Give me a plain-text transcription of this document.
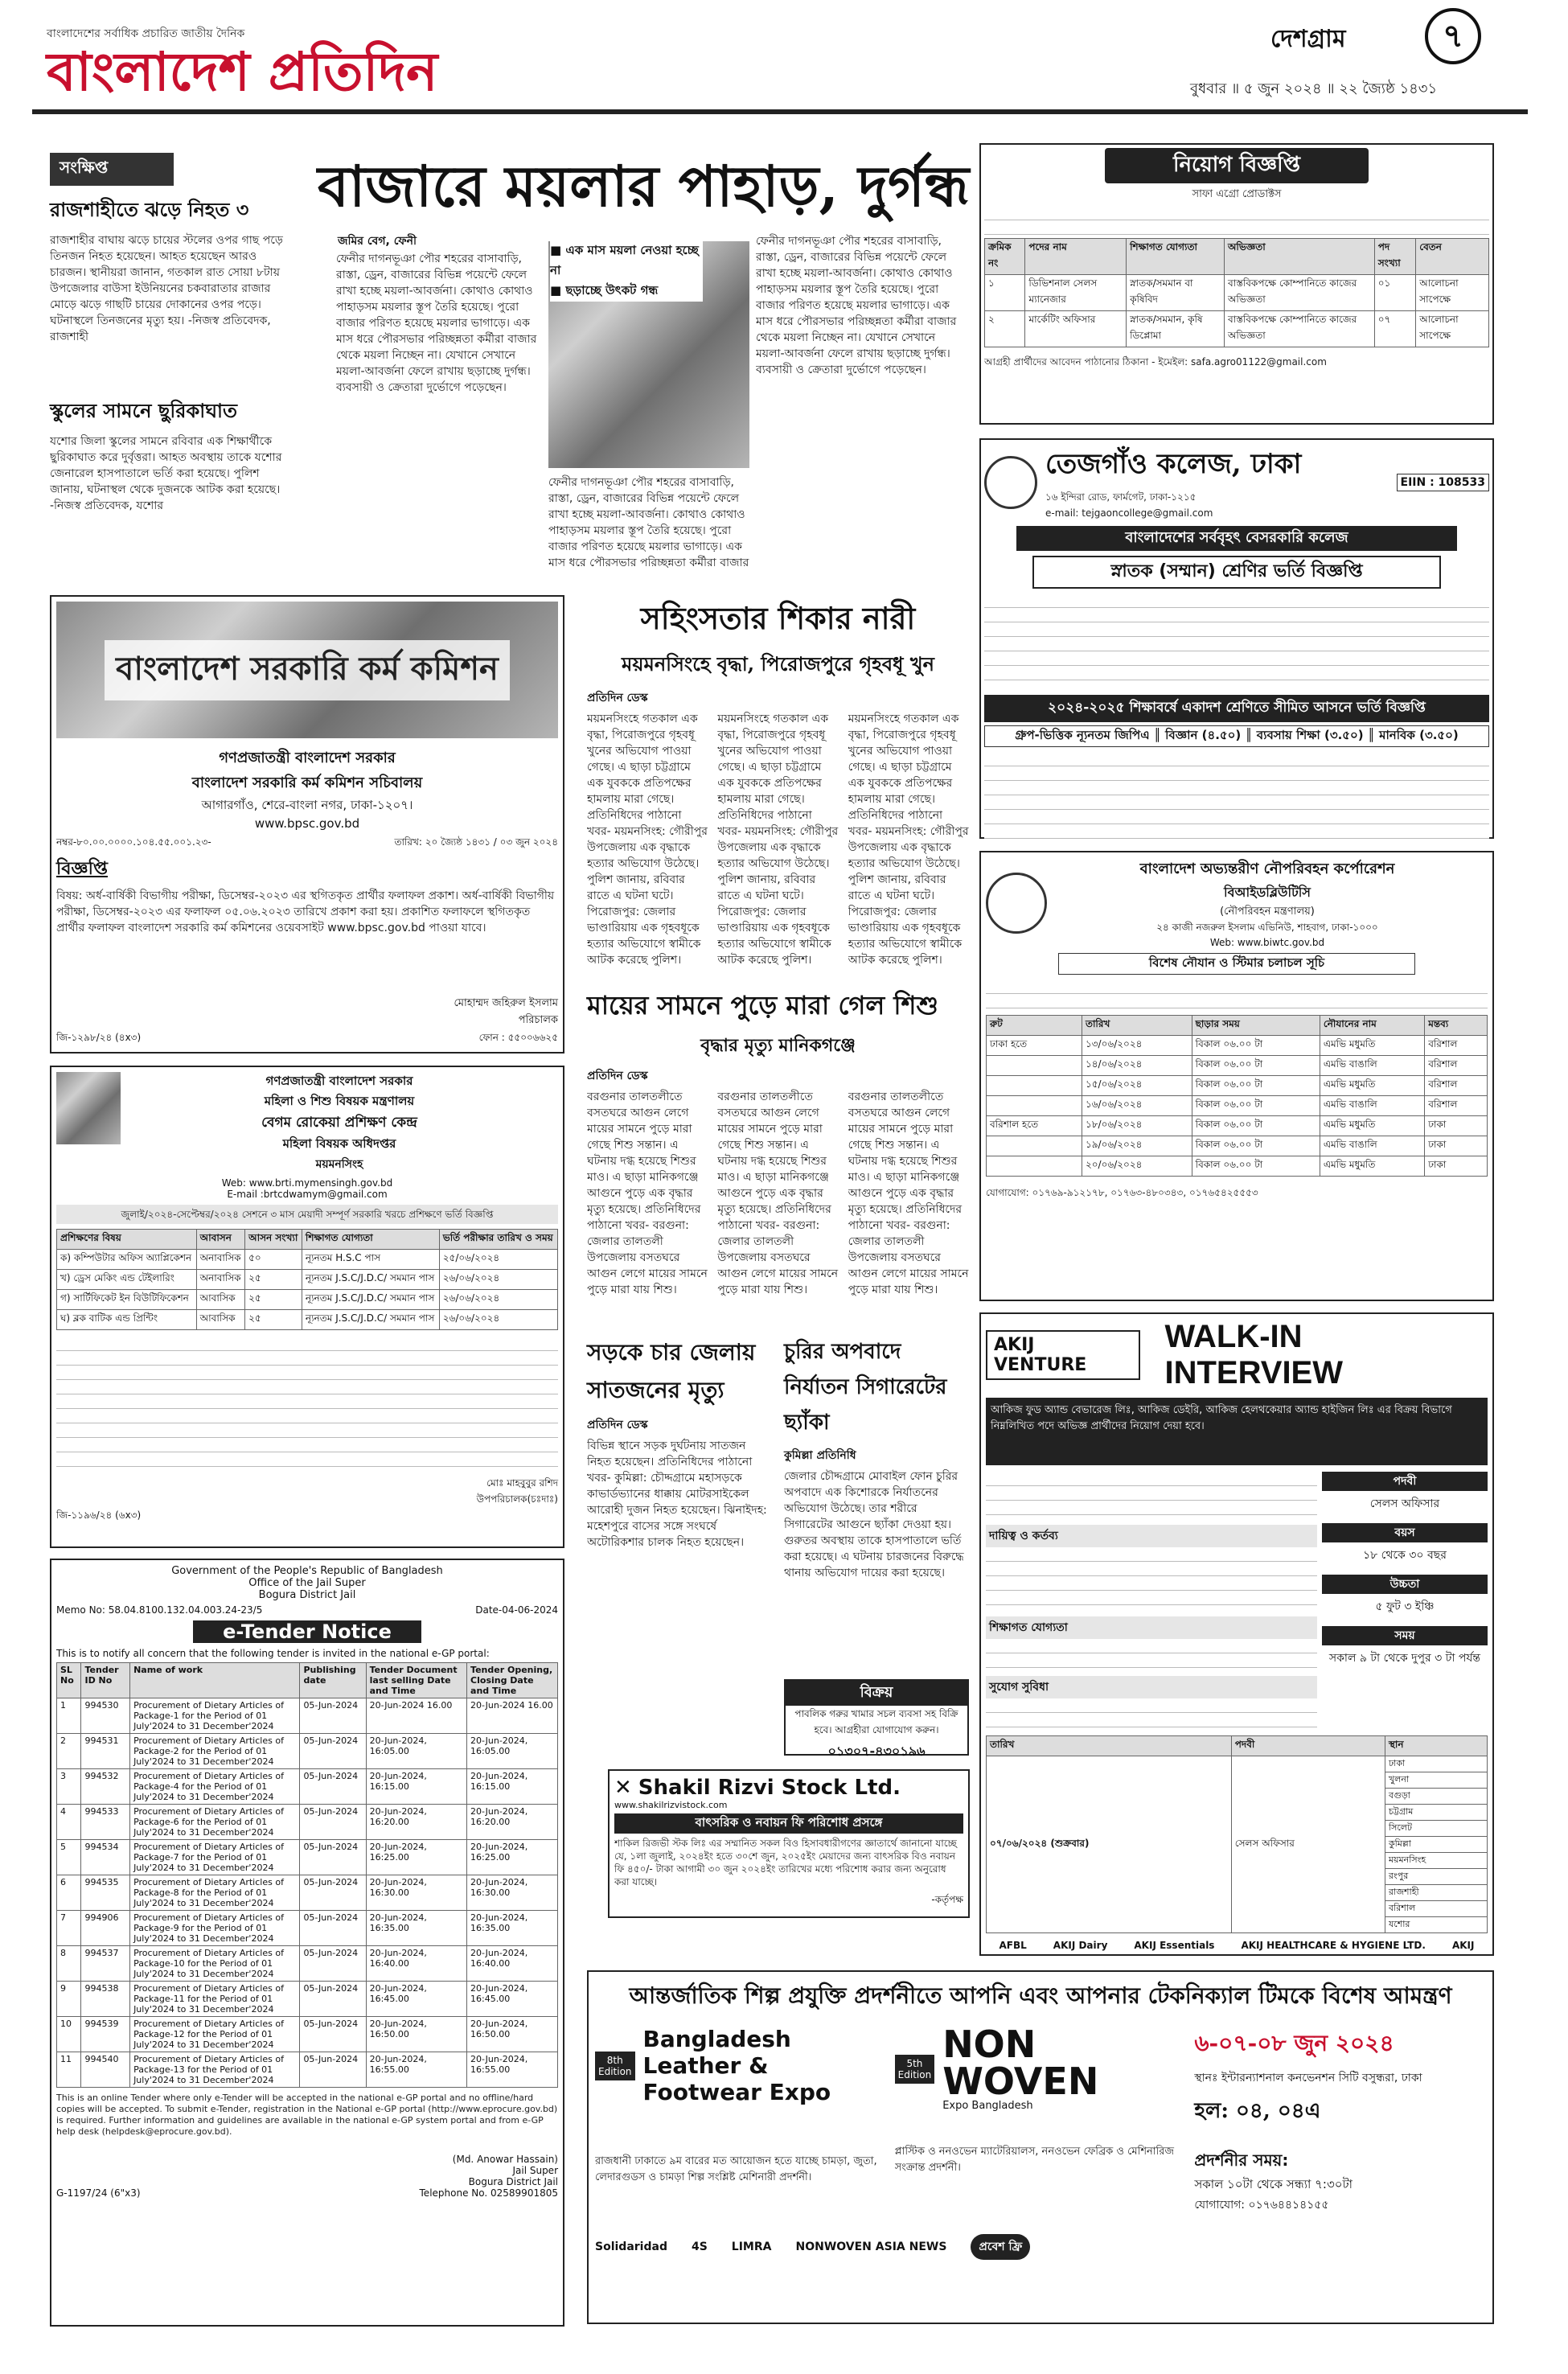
বাংলাদেশের সর্বাধিক প্রচারিত জাতীয় দৈনিক
বাংলাদেশ প্রতিদিন
দেশগ্রাম	৭
বুধবার ॥ ৫ জুন ২০২৪ ॥ ২২ জ্যৈষ্ঠ ১৪৩১
সংক্ষিপ্ত
রাজশাহীতে ঝড়ে নিহত ৩
রাজশাহীর বাঘায় ঝড়ে চায়ের স্টলের ওপর গাছ পড়ে তিনজন নিহত হয়েছেন। আহত হয়েছেন আরও চারজন। স্থানীয়রা জানান, গতকাল রাত সোয়া ৮টায় উপজেলার বাউসা ইউনিয়নের চকবারাতার রাজার মোড়ে ঝড়ে গাছটি চায়ের দোকানের ওপর পড়ে। ঘটনাস্থলে তিনজনের মৃত্যু হয়। -নিজস্ব প্রতিবেদক, রাজশাহী
স্কুলের সামনে ছুরিকাঘাত
যশোর জিলা স্কুলের সামনে রবিবার এক শিক্ষার্থীকে ছুরিকাঘাত করে দুর্বৃত্তরা। আহত অবস্থায় তাকে যশোর জেনারেল হাসপাতালে ভর্তি করা হয়েছে। পুলিশ জানায়, ঘটনাস্থল থেকে দুজনকে আটক করা হয়েছে। -নিজস্ব প্রতিবেদক, যশোর
বাজারে ময়লার পাহাড়, দুর্গন্ধ
জমির বেগ, ফেনী
ফেনীর দাগনভূঞা পৌর শহরের বাসাবাড়ি, রাস্তা, ড্রেন, বাজারের বিভিন্ন পয়েন্টে ফেলে রাখা হচ্ছে ময়লা-আবর্জনা। কোথাও কোথাও পাহাড়সম ময়লার স্তূপ তৈরি হয়েছে। পুরো বাজার পরিণত হয়েছে ময়লার ভাগাড়ে। এক মাস ধরে পৌরসভার পরিচ্ছন্নতা কর্মীরা বাজার থেকে ময়লা নিচ্ছেন না। যেখানে সেখানে ময়লা-আবর্জনা ফেলে রাখায় ছড়াচ্ছে দুর্গন্ধ। ব্যবসায়ী ও ক্রেতারা দুর্ভোগে পড়েছেন।
■ এক মাস ময়লা নেওয়া হচ্ছে না
■ ছড়াচ্ছে উৎকট গন্ধ
ফেনীর দাগনভূঞা পৌর শহরের বাসাবাড়ি, রাস্তা, ড্রেন, বাজারের বিভিন্ন পয়েন্টে ফেলে রাখা হচ্ছে ময়লা-আবর্জনা। কোথাও কোথাও পাহাড়সম ময়লার স্তূপ তৈরি হয়েছে। পুরো বাজার পরিণত হয়েছে ময়লার ভাগাড়ে। এক মাস ধরে পৌরসভার পরিচ্ছন্নতা কর্মীরা বাজার
ফেনীর দাগনভূঞা পৌর শহরের বাসাবাড়ি, রাস্তা, ড্রেন, বাজারের বিভিন্ন পয়েন্টে ফেলে রাখা হচ্ছে ময়লা-আবর্জনা। কোথাও কোথাও পাহাড়সম ময়লার স্তূপ তৈরি হয়েছে। পুরো বাজার পরিণত হয়েছে ময়লার ভাগাড়ে। এক মাস ধরে পৌরসভার পরিচ্ছন্নতা কর্মীরা বাজার থেকে ময়লা নিচ্ছেন না। যেখানে সেখানে ময়লা-আবর্জনা ফেলে রাখায় ছড়াচ্ছে দুর্গন্ধ। ব্যবসায়ী ও ক্রেতারা দুর্ভোগে পড়েছেন।
নিয়োগ বিজ্ঞপ্তি
সাফা এগ্রো প্রোডাক্টস
ক্রমিক নং	পদের নাম	শিক্ষাগত যোগ্যতা	অভিজ্ঞতা	পদ সংখ্যা	বেতন
১	ডিভিশনাল সেলস ম্যানেজার	স্নাতক/সমমান বা কৃষিবিদ	বাস্তবিকপক্ষে কোম্পানিতে কাজের অভিজ্ঞতা	০১	আলোচনা সাপেক্ষে
২	মার্কেটিং অফিসার	স্নাতক/সমমান, কৃষি ডিপ্লোমা	বাস্তবিকপক্ষে কোম্পানিতে কাজের অভিজ্ঞতা	০৭	আলোচনা সাপেক্ষে
আগ্রহী প্রার্থীদের আবেদন পাঠানোর ঠিকানা - ইমেইল: safa.agro01122@gmail.com
তেজগাঁও কলেজ, ঢাকা
১৬ ইন্দিরা রোড, ফার্মগেট, ঢাকা-১২১৫
e-mail: tejgaoncollege@gmail.com
EIIN : 108533
বাংলাদেশের সর্ববৃহৎ বেসরকারি কলেজ
স্নাতক (সম্মান) শ্রেণির ভর্তি বিজ্ঞপ্তি
২০২৪-২০২৫ শিক্ষাবর্ষে একাদশ শ্রেণিতে সীমিত আসনে ভর্তি বিজ্ঞপ্তি
গ্রুপ-ভিত্তিক ন্যূনতম জিপিএ ║ বিজ্ঞান (৪.৫০) ║ ব্যবসায় শিক্ষা (৩.৫০) ║ মানবিক (৩.৫০)
বাংলাদেশ সরকারি কর্ম কমিশন
গণপ্রজাতন্ত্রী বাংলাদেশ সরকার
বাংলাদেশ সরকারি কর্ম কমিশন সচিবালয়
আগারগাঁও, শেরে-বাংলা নগর, ঢাকা-১২০৭।
www.bpsc.gov.bd
নম্বর-৮০.০০.০০০০.১০৪.৫৫.০০১.২৩-	তারিখ: ২০ জ্যৈষ্ঠ ১৪৩১ / ০৩ জুন ২০২৪
বিজ্ঞপ্তি
বিষয়: অর্ধ-বার্ষিকী বিভাগীয় পরীক্ষা, ডিসেম্বর-২০২৩ এর স্থগিতকৃত প্রার্থীর ফলাফল প্রকাশ। অর্ধ-বার্ষিকী বিভাগীয় পরীক্ষা, ডিসেম্বর-২০২৩ এর ফলাফল ০৫.০৬.২০২৩ তারিখে প্রকাশ করা হয়। প্রকাশিত ফলাফলে স্থগিতকৃত প্রার্থীর ফলাফল বাংলাদেশ সরকারি কর্ম কমিশনের ওয়েবসাইট www.bpsc.gov.bd পাওয়া যাবে।
মোহাম্মদ জহিরুল ইসলাম
পরিচালক
জি-১২৯৮/২৪ (৪x৩)	ফোন : ৫৫০০৬৬২৫
সহিংসতার শিকার নারী
ময়মনসিংহে বৃদ্ধা, পিরোজপুরে গৃহবধূ খুন
প্রতিদিন ডেস্ক
ময়মনসিংহে গতকাল এক বৃদ্ধা, পিরোজপুরে গৃহবধূ খুনের অভিযোগ পাওয়া গেছে। এ ছাড়া চট্টগ্রামে এক যুবককে প্রতিপক্ষের হামলায় মারা গেছে। প্রতিনিধিদের পাঠানো খবর- ময়মনসিংহ: গৌরীপুর উপজেলায় এক বৃদ্ধাকে হত্যার অভিযোগ উঠেছে। পুলিশ জানায়, রবিবার রাতে এ ঘটনা ঘটে। পিরোজপুর: জেলার ভাণ্ডারিয়ায় এক গৃহবধূকে হত্যার অভিযোগে স্বামীকে আটক করেছে পুলিশ।
ময়মনসিংহে গতকাল এক বৃদ্ধা, পিরোজপুরে গৃহবধূ খুনের অভিযোগ পাওয়া গেছে। এ ছাড়া চট্টগ্রামে এক যুবককে প্রতিপক্ষের হামলায় মারা গেছে। প্রতিনিধিদের পাঠানো খবর- ময়মনসিংহ: গৌরীপুর উপজেলায় এক বৃদ্ধাকে হত্যার অভিযোগ উঠেছে। পুলিশ জানায়, রবিবার রাতে এ ঘটনা ঘটে। পিরোজপুর: জেলার ভাণ্ডারিয়ায় এক গৃহবধূকে হত্যার অভিযোগে স্বামীকে আটক করেছে পুলিশ।
ময়মনসিংহে গতকাল এক বৃদ্ধা, পিরোজপুরে গৃহবধূ খুনের অভিযোগ পাওয়া গেছে। এ ছাড়া চট্টগ্রামে এক যুবককে প্রতিপক্ষের হামলায় মারা গেছে। প্রতিনিধিদের পাঠানো খবর- ময়মনসিংহ: গৌরীপুর উপজেলায় এক বৃদ্ধাকে হত্যার অভিযোগ উঠেছে। পুলিশ জানায়, রবিবার রাতে এ ঘটনা ঘটে। পিরোজপুর: জেলার ভাণ্ডারিয়ায় এক গৃহবধূকে হত্যার অভিযোগে স্বামীকে আটক করেছে পুলিশ।
বাংলাদেশ অভ্যন্তরীণ নৌপরিবহন কর্পোরেশন
বিআইডব্লিউটিসি
(নৌপরিবহন মন্ত্রণালয়)
২৪ কাজী নজরুল ইসলাম এভিনিউ, শাহবাগ, ঢাকা-১০০০
Web: www.biwtc.gov.bd
বিশেষ নৌযান ও স্টিমার চলাচল সূচি
রুট	তারিখ	ছাড়ার সময়	নৌযানের নাম	মন্তব্য
ঢাকা হতে	১৩/০৬/২০২৪	বিকাল ০৬.০০ টা	এমভি মধুমতি	বরিশাল
	১৪/০৬/২০২৪	বিকাল ০৬.০০ টা	এমভি বাঙালি	বরিশাল
	১৫/০৬/২০২৪	বিকাল ০৬.০০ টা	এমভি মধুমতি	বরিশাল
	১৬/০৬/২০২৪	বিকাল ০৬.০০ টা	এমভি বাঙালি	বরিশাল
বরিশাল হতে	১৮/০৬/২০২৪	বিকাল ০৬.০০ টা	এমভি মধুমতি	ঢাকা
	১৯/০৬/২০২৪	বিকাল ০৬.০০ টা	এমভি বাঙালি	ঢাকা
	২০/০৬/২০২৪	বিকাল ০৬.০০ টা	এমভি মধুমতি	ঢাকা
যোগাযোগ: ০১৭৬৯-৯১২১৭৮, ০১৭৬৩-৪৮০৩৪৩, ০১৭৬৫৪২৫৫৫৩
মায়ের সামনে পুড়ে মারা গেল শিশু
বৃদ্ধার মৃত্যু মানিকগঞ্জে
প্রতিদিন ডেস্ক
বরগুনার তালতলীতে বসতঘরে আগুন লেগে মায়ের সামনে পুড়ে মারা গেছে শিশু সন্তান। এ ঘটনায় দগ্ধ হয়েছে শিশুর মাও। এ ছাড়া মানিকগঞ্জে আগুনে পুড়ে এক বৃদ্ধার মৃত্যু হয়েছে। প্রতিনিধিদের পাঠানো খবর- বরগুনা: জেলার তালতলী উপজেলায় বসতঘরে আগুন লেগে মায়ের সামনে পুড়ে মারা যায় শিশু।
বরগুনার তালতলীতে বসতঘরে আগুন লেগে মায়ের সামনে পুড়ে মারা গেছে শিশু সন্তান। এ ঘটনায় দগ্ধ হয়েছে শিশুর মাও। এ ছাড়া মানিকগঞ্জে আগুনে পুড়ে এক বৃদ্ধার মৃত্যু হয়েছে। প্রতিনিধিদের পাঠানো খবর- বরগুনা: জেলার তালতলী উপজেলায় বসতঘরে আগুন লেগে মায়ের সামনে পুড়ে মারা যায় শিশু।
বরগুনার তালতলীতে বসতঘরে আগুন লেগে মায়ের সামনে পুড়ে মারা গেছে শিশু সন্তান। এ ঘটনায় দগ্ধ হয়েছে শিশুর মাও। এ ছাড়া মানিকগঞ্জে আগুনে পুড়ে এক বৃদ্ধার মৃত্যু হয়েছে। প্রতিনিধিদের পাঠানো খবর- বরগুনা: জেলার তালতলী উপজেলায় বসতঘরে আগুন লেগে মায়ের সামনে পুড়ে মারা যায় শিশু।
গণপ্রজাতন্ত্রী বাংলাদেশ সরকার
মহিলা ও শিশু বিষয়ক মন্ত্রণালয়
বেগম রোকেয়া প্রশিক্ষণ কেন্দ্র
মহিলা বিষয়ক অধিদপ্তর
ময়মনসিংহ
Web: www.brti.mymensingh.gov.bd
E-mail :brtcdwamym@gmail.com
জুলাই/২০২৪-সেপ্টেম্বর/২০২৪ সেশনে ৩ মাস মেয়াদী সম্পূর্ণ সরকারি খরচে প্রশিক্ষণে ভর্তি বিজ্ঞপ্তি
প্রশিক্ষণের বিষয়	আবাসন	আসন সংখ্যা	শিক্ষাগত যোগ্যতা	ভর্তি পরীক্ষার তারিখ ও সময়
ক) কম্পিউটার অফিস অ্যাপ্লিকেশন	অনাবাসিক	৫০	ন্যূনতম H.S.C পাস	২৫/০৬/২০২৪
খ) ড্রেস মেকিং এন্ড টেইলারিং	অনাবাসিক	২৫	ন্যূনতম J.S.C/J.D.C/ সমমান পাস	২৬/০৬/২০২৪
গ) সার্টিফিকেট ইন বিউটিফিকেশন	আবাসিক	২৫	ন্যূনতম J.S.C/J.D.C/ সমমান পাস	২৬/০৬/২০২৪
ঘ) ব্লক বাটিক এন্ড প্রিন্টিং	আবাসিক	২৫	ন্যূনতম J.S.C/J.D.C/ সমমান পাস	২৬/০৬/২০২৪
মোঃ মাহবুবুর রশিদ
উপপরিচালক(চঃদাঃ)
জি-১১৯৬/২৪ (৬x৩)
সড়কে চার জেলায় সাতজনের মৃত্যু
প্রতিদিন ডেস্ক
বিভিন্ন স্থানে সড়ক দুর্ঘটনায় সাতজন নিহত হয়েছেন। প্রতিনিধিদের পাঠানো খবর- কুমিল্লা: চৌদ্দগ্রামে মহাসড়কে কাভার্ডভ্যানের ধাক্কায় মোটরসাইকেল আরোহী দুজন নিহত হয়েছেন। ঝিনাইদহ: মহেশপুরে বাসের সঙ্গে সংঘর্ষে অটোরিকশার চালক নিহত হয়েছেন।
চুরির অপবাদে নির্যাতন সিগারেটের ছ্যাঁকা
কুমিল্লা প্রতিনিধি
জেলার চৌদ্দগ্রামে মোবাইল ফোন চুরির অপবাদে এক কিশোরকে নির্যাতনের অভিযোগ উঠেছে। তার শরীরে সিগারেটের আগুনে ছ্যাঁকা দেওয়া হয়। গুরুতর অবস্থায় তাকে হাসপাতালে ভর্তি করা হয়েছে। এ ঘটনায় চারজনের বিরুদ্ধে থানায় অভিযোগ দায়ের করা হয়েছে।
বিক্রয়
পাবলিক গরুর খামার সচল ব্যবসা সহ বিক্রি হবে। আগ্রহীরা যোগাযোগ করুন।
০১৩০৭-৪৩০১৯৬
✕ Shakil Rizvi Stock Ltd.
www.shakilrizvistock.com
বাৎসরিক ও নবায়ন ফি পরিশোধ প্রসঙ্গে
শাকিল রিজভী স্টক লিঃ এর সম্মানিত সকল বিও হিসাবধারীগণের জ্ঞাতার্থে জানানো যাচ্ছে যে, ১লা জুলাই, ২০২৪ইং হতে ৩০শে জুন, ২০২৫ইং মেয়াদের জন্য বাৎসরিক বিও নবায়ন ফি ৪৫০/- টাকা আগামী ৩০ জুন ২০২৪ইং তারিখের মধ্যে পরিশোধ করার জন্য অনুরোধ করা যাচ্ছে।
-কর্তৃপক্ষ
AKIJ VENTURE
WALK-IN INTERVIEW
আকিজ ফুড অ্যান্ড বেভারেজ লিঃ, আকিজ ডেইরি, আকিজ হেলথকেয়ার অ্যান্ড হাইজিন লিঃ এর বিক্রয় বিভাগে নিম্নলিখিত পদে অভিজ্ঞ প্রার্থীদের নিয়োগ দেয়া হবে।
দায়িত্ব ও কর্তব্য
শিক্ষাগত যোগ্যতা
সুযোগ সুবিধা
পদবী
সেলস অফিসার
বয়স
১৮ থেকে ৩০ বছর
উচ্চতা
৫ ফুট ৩ ইঞ্চি
সময়
সকাল ৯ টা থেকে দুপুর ৩ টা পর্যন্ত
তারিখ	পদবী	স্থান
০৭/০৬/২০২৪ (শুক্রবার)	সেলস অফিসার	ঢাকা
		খুলনা
		বগুড়া
		চট্টগ্রাম
		সিলেট
		কুমিল্লা
		ময়মনসিংহ
		রংপুর
		রাজশাহী
		বরিশাল
		যশোর
AFBL	AKIJ Dairy	AKIJ Essentials	AKIJ HEALTHCARE & HYGIENE LTD.	AKIJ
Government of the People's Republic of Bangladesh
Office of the Jail Super
Bogura District Jail
Memo No: 58.04.8100.132.04.003.24-23/5	Date-04-06-2024
e-Tender Notice
This is to notify all concern that the following tender is invited in the national e-GP portal:
SL No	Tender ID No	Name of work	Publishing date	Tender Document last selling Date and Time	Tender Opening, Closing Date and Time
1	994530	Procurement of Dietary Articles of Package-1 for the Period of 01 July'2024 to 31 December'2024	05-Jun-2024	20-Jun-2024 16.00	20-Jun-2024 16.00
2	994531	Procurement of Dietary Articles of Package-2 for the Period of 01 July'2024 to 31 December'2024	05-Jun-2024	20-Jun-2024, 16:05.00	20-Jun-2024, 16:05.00
3	994532	Procurement of Dietary Articles of Package-4 for the Period of 01 July'2024 to 31 December'2024	05-Jun-2024	20-Jun-2024, 16:15.00	20-Jun-2024, 16:15.00
4	994533	Procurement of Dietary Articles of Package-6 for the Period of 01 July'2024 to 31 December'2024	05-Jun-2024	20-Jun-2024, 16:20.00	20-Jun-2024, 16:20.00
5	994534	Procurement of Dietary Articles of Package-7 for the Period of 01 July'2024 to 31 December'2024	05-Jun-2024	20-Jun-2024, 16:25.00	20-Jun-2024, 16:25.00
6	994535	Procurement of Dietary Articles of Package-8 for the Period of 01 July'2024 to 31 December'2024	05-Jun-2024	20-Jun-2024, 16:30.00	20-Jun-2024, 16:30.00
7	994906	Procurement of Dietary Articles of Package-9 for the Period of 01 July'2024 to 31 December'2024	05-Jun-2024	20-Jun-2024, 16:35.00	20-Jun-2024, 16:35.00
8	994537	Procurement of Dietary Articles of Package-10 for the Period of 01 July'2024 to 31 December'2024	05-Jun-2024	20-Jun-2024, 16:40.00	20-Jun-2024, 16:40.00
9	994538	Procurement of Dietary Articles of Package-11 for the Period of 01 July'2024 to 31 December'2024	05-Jun-2024	20-Jun-2024, 16:45.00	20-Jun-2024, 16:45.00
10	994539	Procurement of Dietary Articles of Package-12 for the Period of 01 July'2024 to 31 December'2024	05-Jun-2024	20-Jun-2024, 16:50.00	20-Jun-2024, 16:50.00
11	994540	Procurement of Dietary Articles of Package-13 for the Period of 01 July'2024 to 31 December'2024	05-Jun-2024	20-Jun-2024, 16:55.00	20-Jun-2024, 16:55.00
This is an online Tender where only e-Tender will be accepted in the national e-GP portal and no offline/hard copies will be accepted. To submit e-Tender, registration in the National e-GP portal (http://www.eprocure.gov.bd) is required. Further information and guidelines are available in the national e-GP system portal and from e-GP help desk (helpdesk@eprocure.gov.bd).
(Md. Anowar Hassain)
Jail Super
Bogura District Jail
G-1197/24 (6"x3)	Telephone No. 02589901805
আন্তর্জাতিক শিল্প প্রযুক্তি প্রদর্শনীতে আপনি এবং আপনার টেকনিক্যাল টিমকে বিশেষ আমন্ত্রণ
8th Edition
Bangladesh Leather & Footwear Expo
রাজধানী ঢাকাতে ৯ম বারের মত আয়োজন হতে যাচ্ছে চামড়া, জুতা, লেদারগুডস ও চামড়া শিল্প সংশ্লিষ্ট মেশিনারী প্রদর্শনী।
5th Edition
NON WOVEN
Expo Bangladesh
প্লাস্টিক ও ননওভেন ম্যাটেরিয়ালস, ননওভেন ফেব্রিক ও মেশিনারিজ সংক্রান্ত প্রদর্শনী।
৬-০৭-০৮ জুন ২০২৪
স্থানঃ ইন্টারন্যাশনাল কনভেনশন সিটি বসুন্ধরা, ঢাকা
হল: ০৪, ০৪এ
প্রদর্শনীর সময়:
সকাল ১০টা থেকে সন্ধ্যা ৭:৩০টা
যোগাযোগ: ০১৭৬৪৪১৪১৫৫
Solidaridad 4S LIMRA NONWOVEN ASIA NEWS	প্রবেশ ফ্রি
